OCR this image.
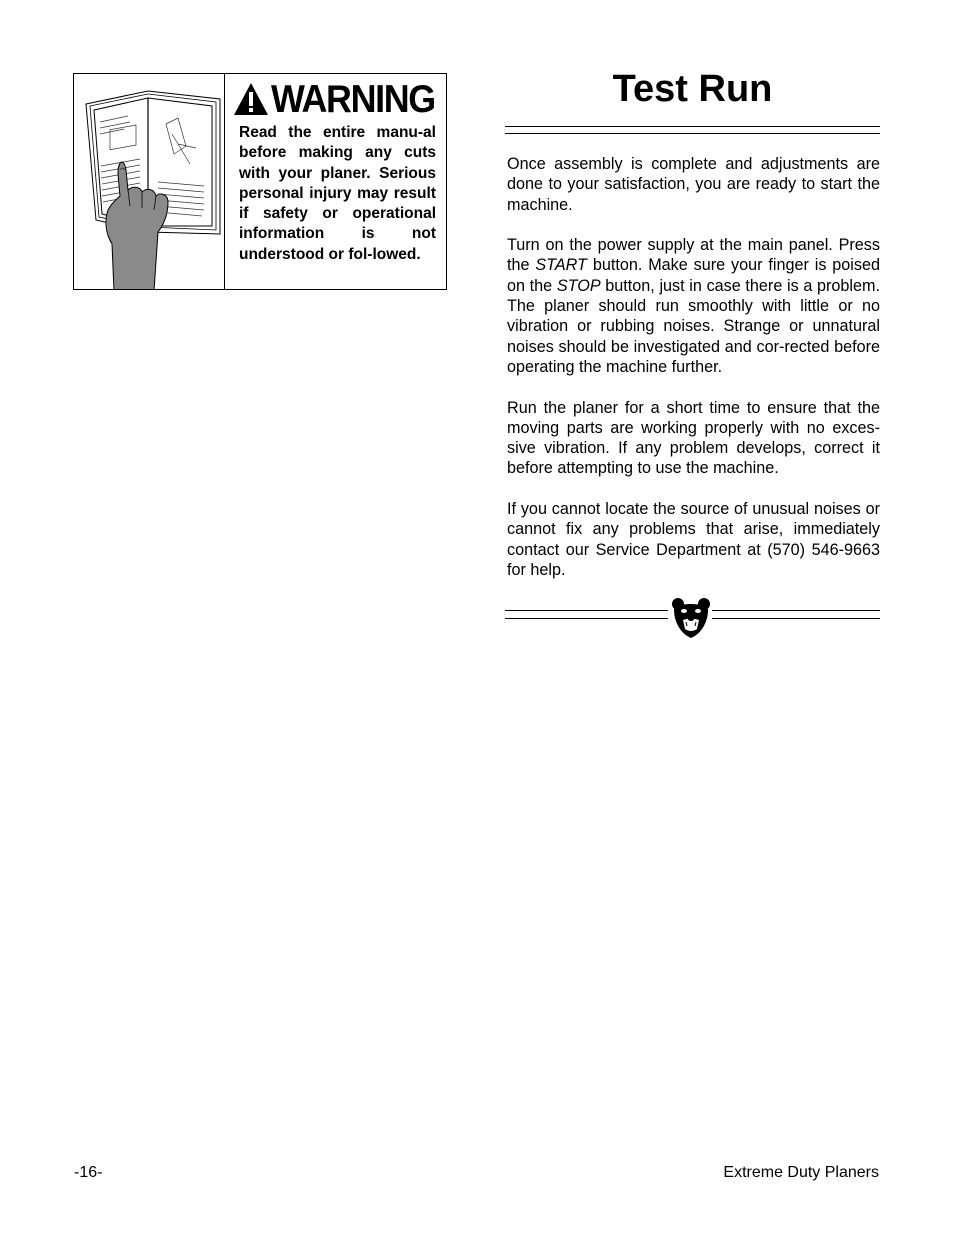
WARNING
Read the entire manu-al before making any cuts with your planer. Serious personal injury may result if safety or operational information is not understood or fol-lowed.
Test Run

Once assembly is complete and adjustments are done to your satisfaction, you are ready to start the machine.

Turn on the power supply at the main panel. Press the START button. Make sure your finger is poised on the STOP button, just in case there is a problem. The planer should run smoothly with little or no vibration or rubbing noises. Strange or unnatural noises should be investigated and cor-rected before operating the machine further.

Run the planer for a short time to ensure that the moving parts are working properly with no exces-sive vibration. If any problem develops, correct it before attempting to use the machine.

If you cannot locate the source of unusual noises or cannot fix any problems that arise, immediately contact our Service Department at (570) 546-9663 for help.

-16-	Extreme Duty Planers
